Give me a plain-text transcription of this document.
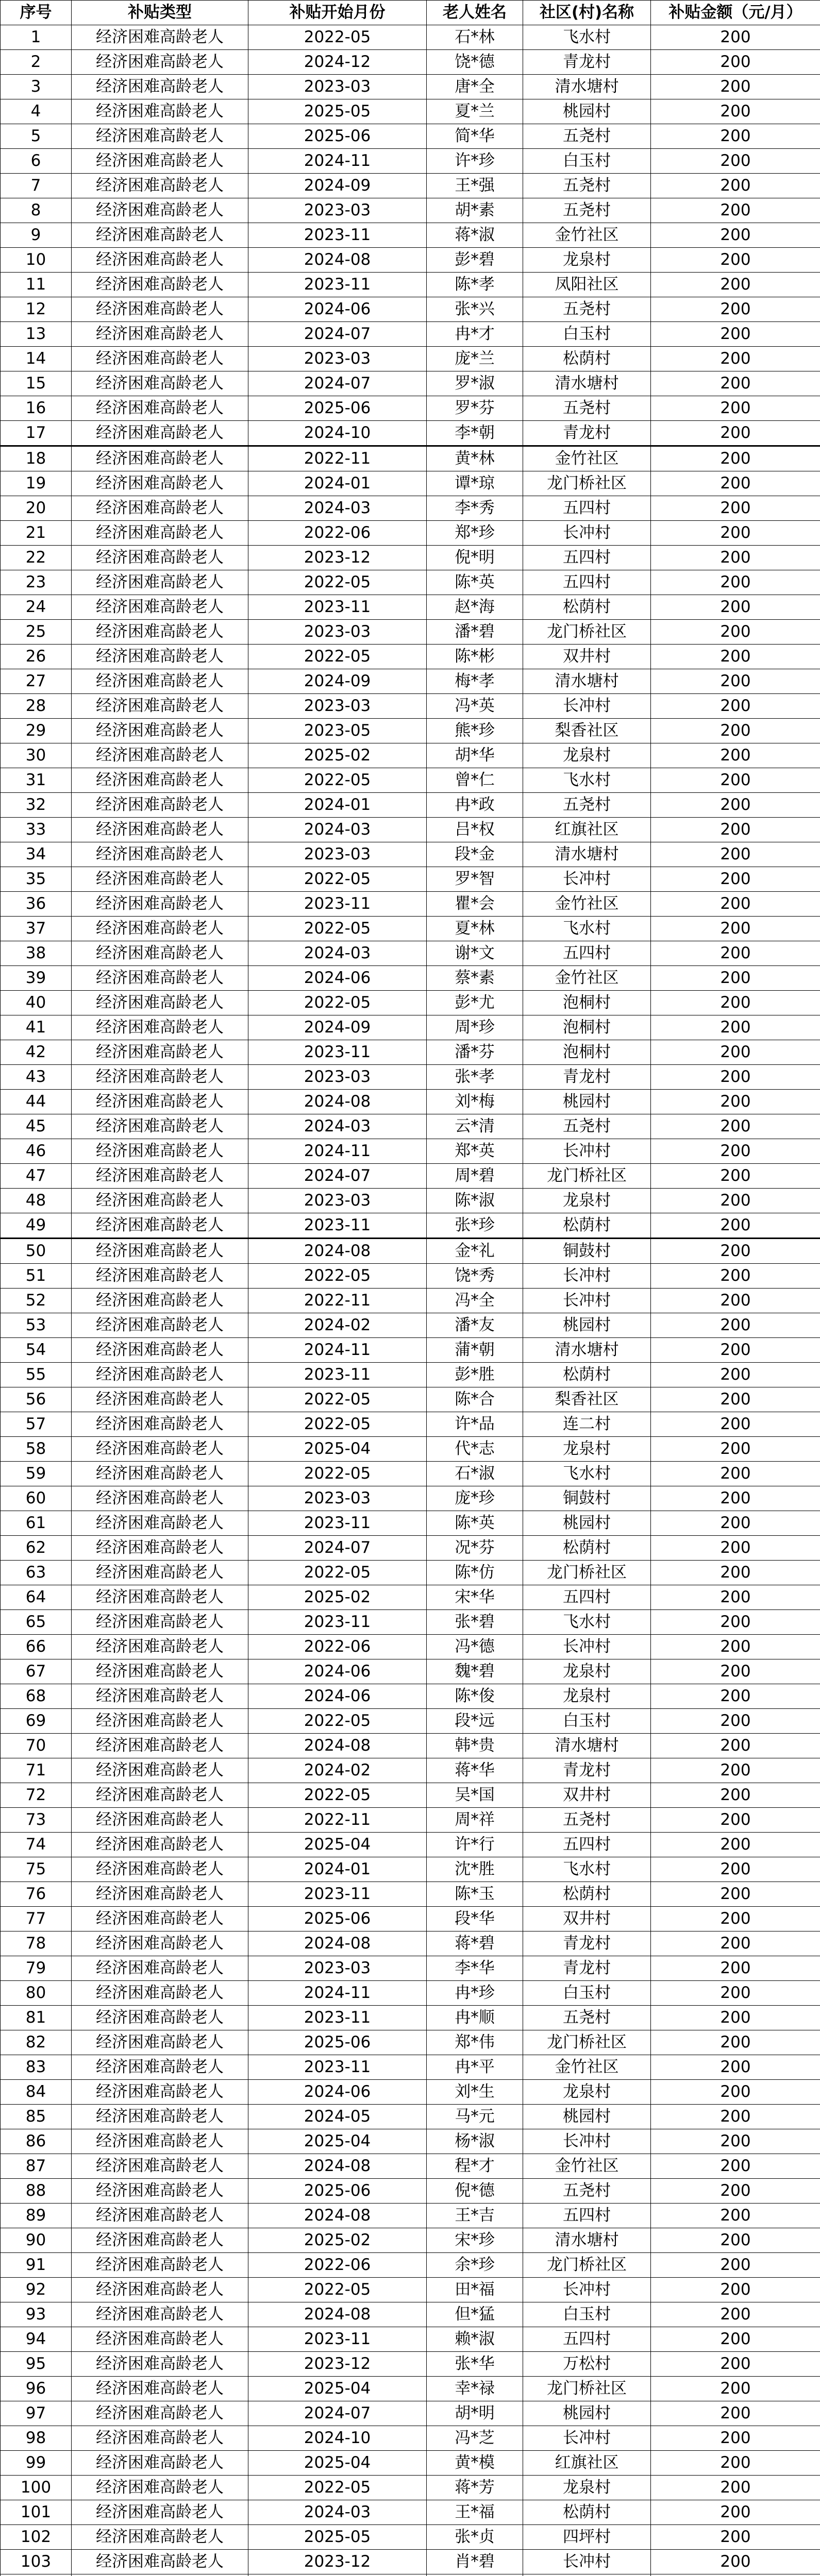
序号	补贴类型	补贴开始月份	老人姓名	社区(村)名称	补贴金额（元/月）
1	经济困难高龄老人	2022-05	石*林	飞水村	200
2	经济困难高龄老人	2024-12	饶*德	青龙村	200
3	经济困难高龄老人	2023-03	唐*全	清水塘村	200
4	经济困难高龄老人	2025-05	夏*兰	桃园村	200
5	经济困难高龄老人	2025-06	简*华	五尧村	200
6	经济困难高龄老人	2024-11	许*珍	白玉村	200
7	经济困难高龄老人	2024-09	王*强	五尧村	200
8	经济困难高龄老人	2023-03	胡*素	五尧村	200
9	经济困难高龄老人	2023-11	蒋*淑	金竹社区	200
10	经济困难高龄老人	2024-08	彭*碧	龙泉村	200
11	经济困难高龄老人	2023-11	陈*孝	凤阳社区	200
12	经济困难高龄老人	2024-06	张*兴	五尧村	200
13	经济困难高龄老人	2024-07	冉*才	白玉村	200
14	经济困难高龄老人	2023-03	庞*兰	松荫村	200
15	经济困难高龄老人	2024-07	罗*淑	清水塘村	200
16	经济困难高龄老人	2025-06	罗*芬	五尧村	200
17	经济困难高龄老人	2024-10	李*朝	青龙村	200
18	经济困难高龄老人	2022-11	黄*林	金竹社区	200
19	经济困难高龄老人	2024-01	谭*琼	龙门桥社区	200
20	经济困难高龄老人	2024-03	李*秀	五四村	200
21	经济困难高龄老人	2022-06	郑*珍	长冲村	200
22	经济困难高龄老人	2023-12	倪*明	五四村	200
23	经济困难高龄老人	2022-05	陈*英	五四村	200
24	经济困难高龄老人	2023-11	赵*海	松荫村	200
25	经济困难高龄老人	2023-03	潘*碧	龙门桥社区	200
26	经济困难高龄老人	2022-05	陈*彬	双井村	200
27	经济困难高龄老人	2024-09	梅*孝	清水塘村	200
28	经济困难高龄老人	2023-03	冯*英	长冲村	200
29	经济困难高龄老人	2023-05	熊*珍	梨香社区	200
30	经济困难高龄老人	2025-02	胡*华	龙泉村	200
31	经济困难高龄老人	2022-05	曾*仁	飞水村	200
32	经济困难高龄老人	2024-01	冉*政	五尧村	200
33	经济困难高龄老人	2024-03	吕*权	红旗社区	200
34	经济困难高龄老人	2023-03	段*金	清水塘村	200
35	经济困难高龄老人	2022-05	罗*智	长冲村	200
36	经济困难高龄老人	2023-11	瞿*会	金竹社区	200
37	经济困难高龄老人	2022-05	夏*林	飞水村	200
38	经济困难高龄老人	2024-03	谢*文	五四村	200
39	经济困难高龄老人	2024-06	蔡*素	金竹社区	200
40	经济困难高龄老人	2022-05	彭*尤	泡桐村	200
41	经济困难高龄老人	2024-09	周*珍	泡桐村	200
42	经济困难高龄老人	2023-11	潘*芬	泡桐村	200
43	经济困难高龄老人	2023-03	张*孝	青龙村	200
44	经济困难高龄老人	2024-08	刘*梅	桃园村	200
45	经济困难高龄老人	2024-03	云*清	五尧村	200
46	经济困难高龄老人	2024-11	郑*英	长冲村	200
47	经济困难高龄老人	2024-07	周*碧	龙门桥社区	200
48	经济困难高龄老人	2023-03	陈*淑	龙泉村	200
49	经济困难高龄老人	2023-11	张*珍	松荫村	200
50	经济困难高龄老人	2024-08	金*礼	铜鼓村	200
51	经济困难高龄老人	2022-05	饶*秀	长冲村	200
52	经济困难高龄老人	2022-11	冯*全	长冲村	200
53	经济困难高龄老人	2024-02	潘*友	桃园村	200
54	经济困难高龄老人	2024-11	蒲*朝	清水塘村	200
55	经济困难高龄老人	2023-11	彭*胜	松荫村	200
56	经济困难高龄老人	2022-05	陈*合	梨香社区	200
57	经济困难高龄老人	2022-05	许*品	连二村	200
58	经济困难高龄老人	2025-04	代*志	龙泉村	200
59	经济困难高龄老人	2022-05	石*淑	飞水村	200
60	经济困难高龄老人	2023-03	庞*珍	铜鼓村	200
61	经济困难高龄老人	2023-11	陈*英	桃园村	200
62	经济困难高龄老人	2024-07	况*芬	松荫村	200
63	经济困难高龄老人	2022-05	陈*仿	龙门桥社区	200
64	经济困难高龄老人	2025-02	宋*华	五四村	200
65	经济困难高龄老人	2023-11	张*碧	飞水村	200
66	经济困难高龄老人	2022-06	冯*德	长冲村	200
67	经济困难高龄老人	2024-06	魏*碧	龙泉村	200
68	经济困难高龄老人	2024-06	陈*俊	龙泉村	200
69	经济困难高龄老人	2022-05	段*远	白玉村	200
70	经济困难高龄老人	2024-08	韩*贵	清水塘村	200
71	经济困难高龄老人	2024-02	蒋*华	青龙村	200
72	经济困难高龄老人	2022-05	吴*国	双井村	200
73	经济困难高龄老人	2022-11	周*祥	五尧村	200
74	经济困难高龄老人	2025-04	许*行	五四村	200
75	经济困难高龄老人	2024-01	沈*胜	飞水村	200
76	经济困难高龄老人	2023-11	陈*玉	松荫村	200
77	经济困难高龄老人	2025-06	段*华	双井村	200
78	经济困难高龄老人	2024-08	蒋*碧	青龙村	200
79	经济困难高龄老人	2023-03	李*华	青龙村	200
80	经济困难高龄老人	2024-11	冉*珍	白玉村	200
81	经济困难高龄老人	2023-11	冉*顺	五尧村	200
82	经济困难高龄老人	2025-06	郑*伟	龙门桥社区	200
83	经济困难高龄老人	2023-11	冉*平	金竹社区	200
84	经济困难高龄老人	2024-06	刘*生	龙泉村	200
85	经济困难高龄老人	2024-05	马*元	桃园村	200
86	经济困难高龄老人	2025-04	杨*淑	长冲村	200
87	经济困难高龄老人	2024-08	程*才	金竹社区	200
88	经济困难高龄老人	2025-06	倪*德	五尧村	200
89	经济困难高龄老人	2024-08	王*吉	五四村	200
90	经济困难高龄老人	2025-02	宋*珍	清水塘村	200
91	经济困难高龄老人	2022-06	余*珍	龙门桥社区	200
92	经济困难高龄老人	2022-05	田*福	长冲村	200
93	经济困难高龄老人	2024-08	但*猛	白玉村	200
94	经济困难高龄老人	2023-11	赖*淑	五四村	200
95	经济困难高龄老人	2023-12	张*华	万松村	200
96	经济困难高龄老人	2025-04	幸*禄	龙门桥社区	200
97	经济困难高龄老人	2024-07	胡*明	桃园村	200
98	经济困难高龄老人	2024-10	冯*芝	长冲村	200
99	经济困难高龄老人	2025-04	黄*模	红旗社区	200
100	经济困难高龄老人	2022-05	蒋*芳	龙泉村	200
101	经济困难高龄老人	2024-03	王*福	松荫村	200
102	经济困难高龄老人	2025-05	张*贞	四坪村	200
103	经济困难高龄老人	2023-12	肖*碧	长冲村	200
